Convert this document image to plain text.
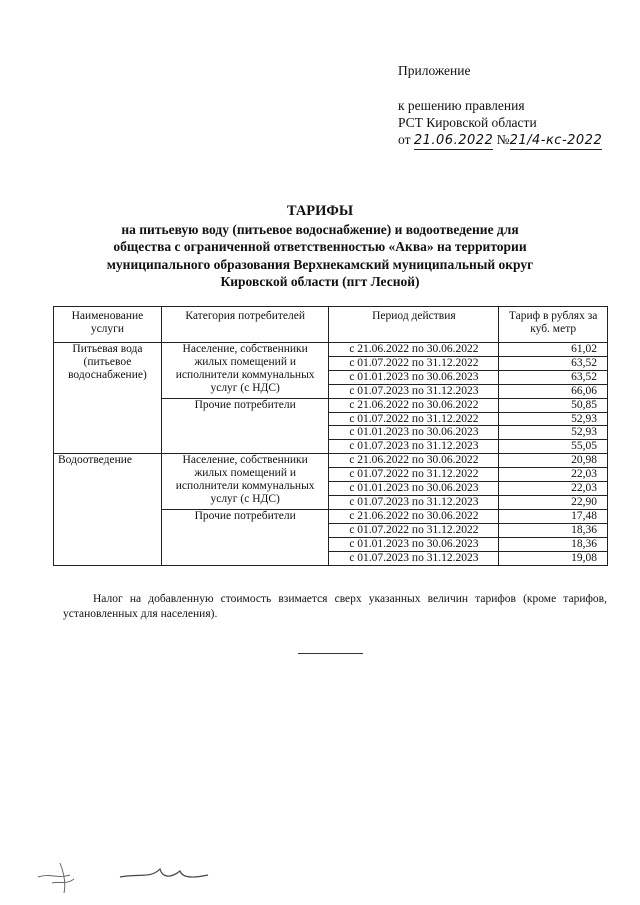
Приложение
к решению правления
РСТ Кировской области
от 21.06.2022 №21/4-кс-2022
ТАРИФЫ
на питьевую воду (питьевое водоснабжение) и водоотведение для
общества с ограниченной ответственностью «Аква» на территории
муниципального образования Верхнекамский муниципальный округ
Кировской области (пгт Лесной)
Наименование услуги	Категория потребителей	Период действия	Тариф в рублях за куб. метр
Питьевая вода (питьевое водоснабжение)	Население, собственники жилых помещений и исполнители коммунальных услуг (с НДС)	с 21.06.2022 по 30.06.2022	61,02
		с 01.07.2022 по 31.12.2022	63,52
		с 01.01.2023 по 30.06.2023	63,52
		с 01.07.2023 по 31.12.2023	66,06
	Прочие потребители	с 21.06.2022 по 30.06.2022	50,85
		с 01.07.2022 по 31.12.2022	52,93
		с 01.01.2023 по 30.06.2023	52,93
		с 01.07.2023 по 31.12.2023	55,05
Водоотведение	Население, собственники жилых помещений и исполнители коммунальных услуг (с НДС)	с 21.06.2022 по 30.06.2022	20,98
		с 01.07.2022 по 31.12.2022	22,03
		с 01.01.2023 по 30.06.2023	22,03
		с 01.07.2023 по 31.12.2023	22,90
	Прочие потребители	с 21.06.2022 по 30.06.2022	17,48
		с 01.07.2022 по 31.12.2022	18,36
		с 01.01.2023 по 30.06.2023	18,36
		с 01.07.2023 по 31.12.2023	19,08
Налог на добавленную стоимость взимается сверх указанных величин тарифов (кроме тарифов, установленных для населения).
